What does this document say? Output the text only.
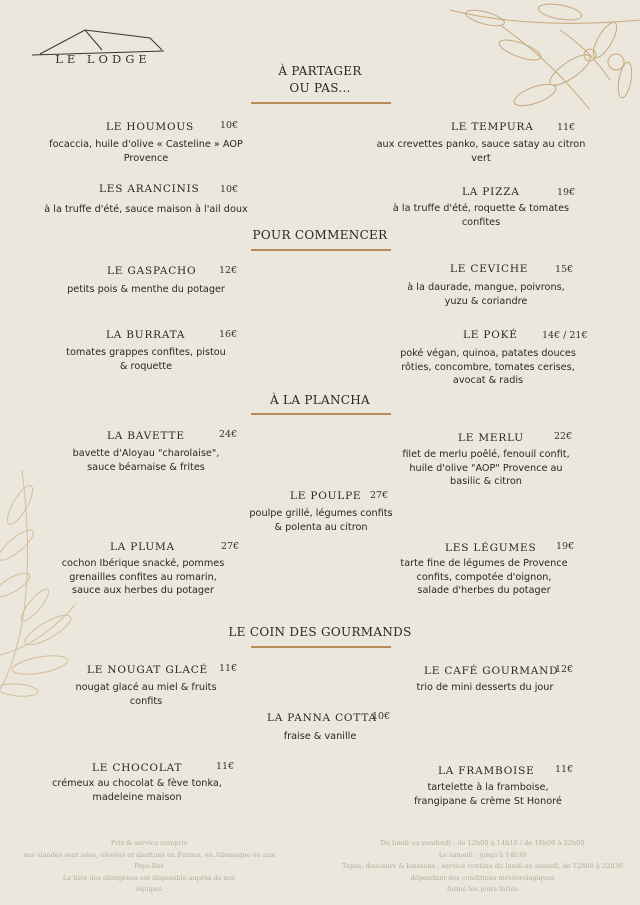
LE LODGE
À PARTAGER
OU PAS...
LE HOUMOUS	10€
focaccia, huile d'olive « Casteline » AOP
Provence
LE TEMPURA 11€
aux crevettes panko, sauce satay au citron
vert
LES ARANCINIS 10€
à la truffe d'été, sauce maison à l'ail doux
LA PIZZA	19€
à la truffe d'été, roquette & tomates
confites
POUR COMMENCER
LE GASPACHO 12€
petits pois & menthe du potager
LE CEVICHE	15€
à la daurade, mangue, poivrons,
yuzu & coriandre
LA BURRATA	16€
tomates grappes confites, pistou
& roquette
LE POKÉ	14€ / 21€
poké végan, quinoa, patates douces
rôties, concombre, tomates cerises,
avocat & radis
À LA PLANCHA
LA BAVETTE	24€
bavette d'Aloyau "charolaise",
sauce béarnaise & frites
LE MERLU	22€
filet de merlu poêlé, fenouil confit,
huile d'olive "AOP" Provence au
basilic & citron
LE POULPE 27€
poulpe grillé, légumes confits
& polenta au citron
LA PLUMA	27€
cochon Ibérique snacké, pommes
grenailles confites au romarin,
sauce aux herbes du potager
LES LÉGUMES 19€
tarte fine de légumes de Provence
confits, compotée d'oignon,
salade d'herbes du potager
LE COIN DES GOURMANDS
LE NOUGAT GLACÉ 11€
nougat glacé au miel & fruits
confits
LE CAFÉ GOURMAND
12€
trio de mini desserts du jour
LA PANNA COTTA
10€
fraise & vanille
LE CHOCOLAT	11€
crémeux au chocolat & fève tonka,
madeleine maison
LA FRAMBOISE 11€
tartelette à la framboise,
frangipane & crème St Honoré
Prix & service compris
nos viandes sont nées, élevées et abattues en France, en Allemagne ou aux
Pays-Bas
La liste des allergènes est disponible auprès de nos
équipes
Du lundi au vendredi : de 12h00 à 14h15 / de 19h00 à 22h00
Le samedi : jusqu'à 14h30
Tapas, douceurs & boissons : service continu du lundi au samedi, de 12h00 à 22h30
dépendant des conditions météorologiques
fermé les jours fériés
